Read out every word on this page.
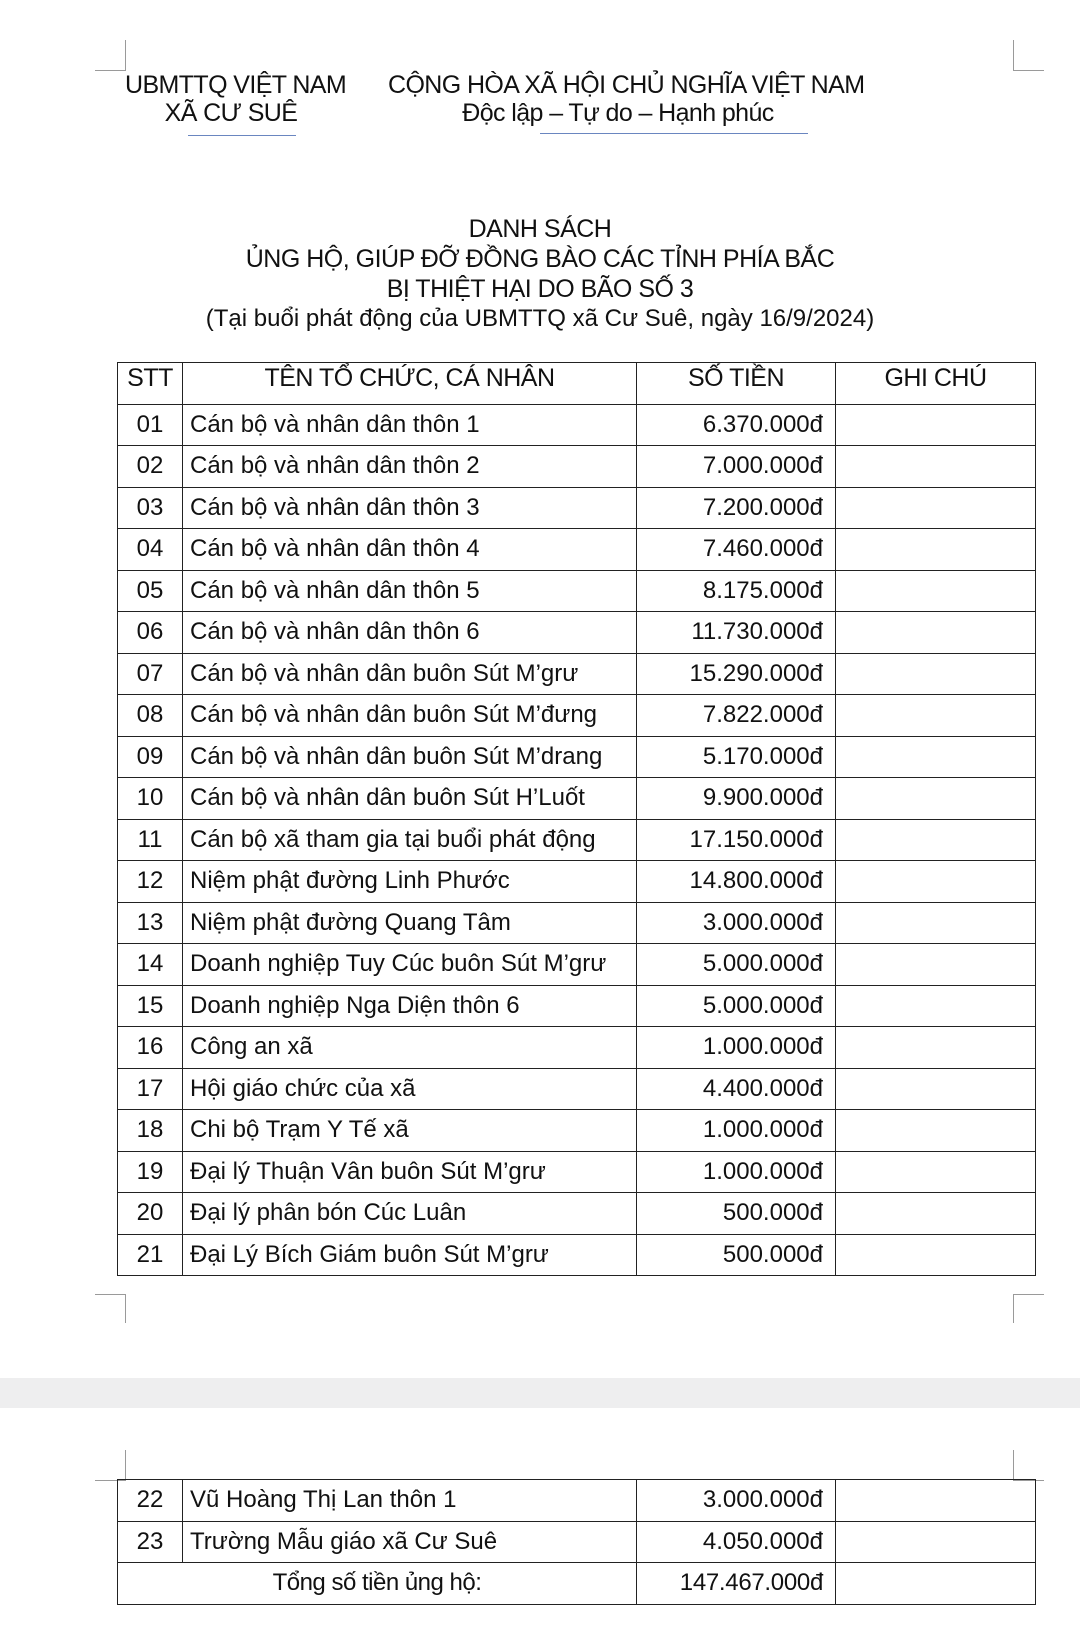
UBMTTQ VIỆT NAM
XÃ CƯ SUÊ
CỘNG HÒA XÃ HỘI CHỦ NGHĨA VIỆT NAM
Độc lập – Tự do – Hạnh phúc
DANH SÁCH
ỦNG HỘ, GIÚP ĐỠ ĐỒNG BÀO CÁC TỈNH PHÍA BẮC
BỊ THIỆT HẠI DO BÃO SỐ 3
(Tại buổi phát động của UBMTTQ xã Cư Suê, ngày 16/9/2024)
STT	TÊN TỔ CHỨC, CÁ NHÂN	SỐ TIỀN	GHI CHÚ
01	Cán bộ và nhân dân thôn 1	6.370.000đ	
02	Cán bộ và nhân dân thôn 2	7.000.000đ	
03	Cán bộ và nhân dân thôn 3	7.200.000đ	
04	Cán bộ và nhân dân thôn 4	7.460.000đ	
05	Cán bộ và nhân dân thôn 5	8.175.000đ	
06	Cán bộ và nhân dân thôn 6	11.730.000đ	
07	Cán bộ và nhân dân buôn Sút M’grư	15.290.000đ	
08	Cán bộ và nhân dân buôn Sút M’đưng	7.822.000đ	
09	Cán bộ và nhân dân buôn Sút M’drang	5.170.000đ	
10	Cán bộ và nhân dân buôn Sút H’Luốt	9.900.000đ	
11	Cán bộ xã tham gia tại buổi phát động	17.150.000đ	
12	Niệm phật đường Linh Phước	14.800.000đ	
13	Niệm phật đường Quang Tâm	3.000.000đ	
14	Doanh nghiệp Tuy Cúc buôn Sút M’grư	5.000.000đ	
15	Doanh nghiệp Nga Diện thôn 6	5.000.000đ	
16	Công an xã	1.000.000đ	
17	Hội giáo chức của xã	4.400.000đ	
18	Chi bộ Trạm Y Tế xã	1.000.000đ	
19	Đại lý Thuận Vân buôn Sút M’grư	1.000.000đ	
20	Đại lý phân bón Cúc Luân	500.000đ	
21	Đại Lý Bích Giám buôn Sút M’grư	500.000đ	
22	Vũ Hoàng Thị Lan thôn 1	3.000.000đ	
23	Trường Mẫu giáo xã Cư Suê	4.050.000đ	
Tổng số tiền ủng hộ:		147.467.000đ	
